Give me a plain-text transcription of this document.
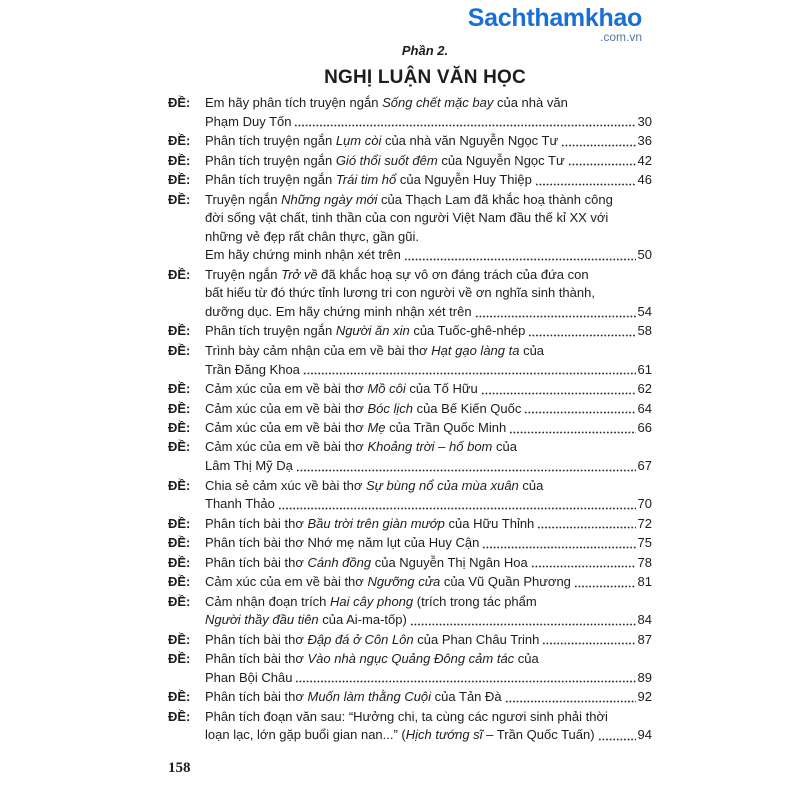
Sachthamkhao
.com.vn
Phần 2.
NGHỊ LUẬN VĂN HỌC
ĐỀ:	Em hãy phân tích truyện ngắn Sống chết mặc bay của nhà văn
Phạm Duy Tốn	30
ĐỀ:	Phân tích truyện ngắn Lụm còi của nhà văn Nguyễn Ngọc Tư	36
ĐỀ:	Phân tích truyện ngắn Gió thổi suốt đêm của Nguyễn Ngọc Tư	42
ĐỀ:	Phân tích truyện ngắn Trái tim hổ của Nguyễn Huy Thiệp	46
ĐỀ:	Truyện ngắn Những ngày mới của Thạch Lam đã khắc hoạ thành công
đời sống vật chất, tinh thần của con người Việt Nam đầu thế kỉ XX với
những vẻ đẹp rất chân thực, gần gũi.
Em hãy chứng minh nhận xét trên	50
ĐỀ:	Truyện ngắn Trở về đã khắc hoạ sự vô ơn đáng trách của đứa con
bất hiếu từ đó thức tỉnh lương tri con người về ơn nghĩa sinh thành,
dưỡng dục. Em hãy chứng minh nhận xét trên	54
ĐỀ:	Phân tích truyện ngắn Người ăn xin của Tuốc-ghê-nhép	58
ĐỀ:	Trình bày cảm nhận của em về bài thơ Hạt gạo làng ta của
Trần Đăng Khoa	61
ĐỀ:	Cảm xúc của em về bài thơ Mồ côi của Tố Hữu	62
ĐỀ:	Cảm xúc của em về bài thơ Bóc lịch của Bế Kiến Quốc	64
ĐỀ:	Cảm xúc của em về bài thơ Mẹ của Trần Quốc Minh	66
ĐỀ:	Cảm xúc của em về bài thơ Khoảng trời – hố bom của
Lâm Thị Mỹ Dạ	67
ĐỀ:	Chia sẻ cảm xúc về bài thơ Sự bùng nổ của mùa xuân của
Thanh Thảo	70
ĐỀ:	Phân tích bài thơ Bầu trời trên giàn mướp của Hữu Thỉnh	72
ĐỀ:	Phân tích bài thơ Nhớ mẹ năm lụt của Huy Cận	75
ĐỀ:	Phân tích bài thơ Cánh đồng của Nguyễn Thị Ngân Hoa	78
ĐỀ:	Cảm xúc của em về bài thơ Ngưỡng cửa của Vũ Quần Phương	81
ĐỀ:	Cảm nhận đoạn trích Hai cây phong (trích trong tác phẩm
Người thầy đầu tiên của Ai-ma-tốp)	84
ĐỀ:	Phân tích bài thơ Đập đá ở Côn Lôn của Phan Châu Trinh	87
ĐỀ:	Phân tích bài thơ Vào nhà ngục Quảng Đông cảm tác của
Phan Bội Châu	89
ĐỀ:	Phân tích bài thơ Muốn làm thằng Cuội của Tản Đà	92
ĐỀ:	Phân tích đoạn văn sau: “Hưởng chi, ta cùng các ngươi sinh phải thời
loạn lạc, lớn gặp buổi gian nan...” (Hịch tướng sĩ – Trần Quốc Tuấn)	94
158
